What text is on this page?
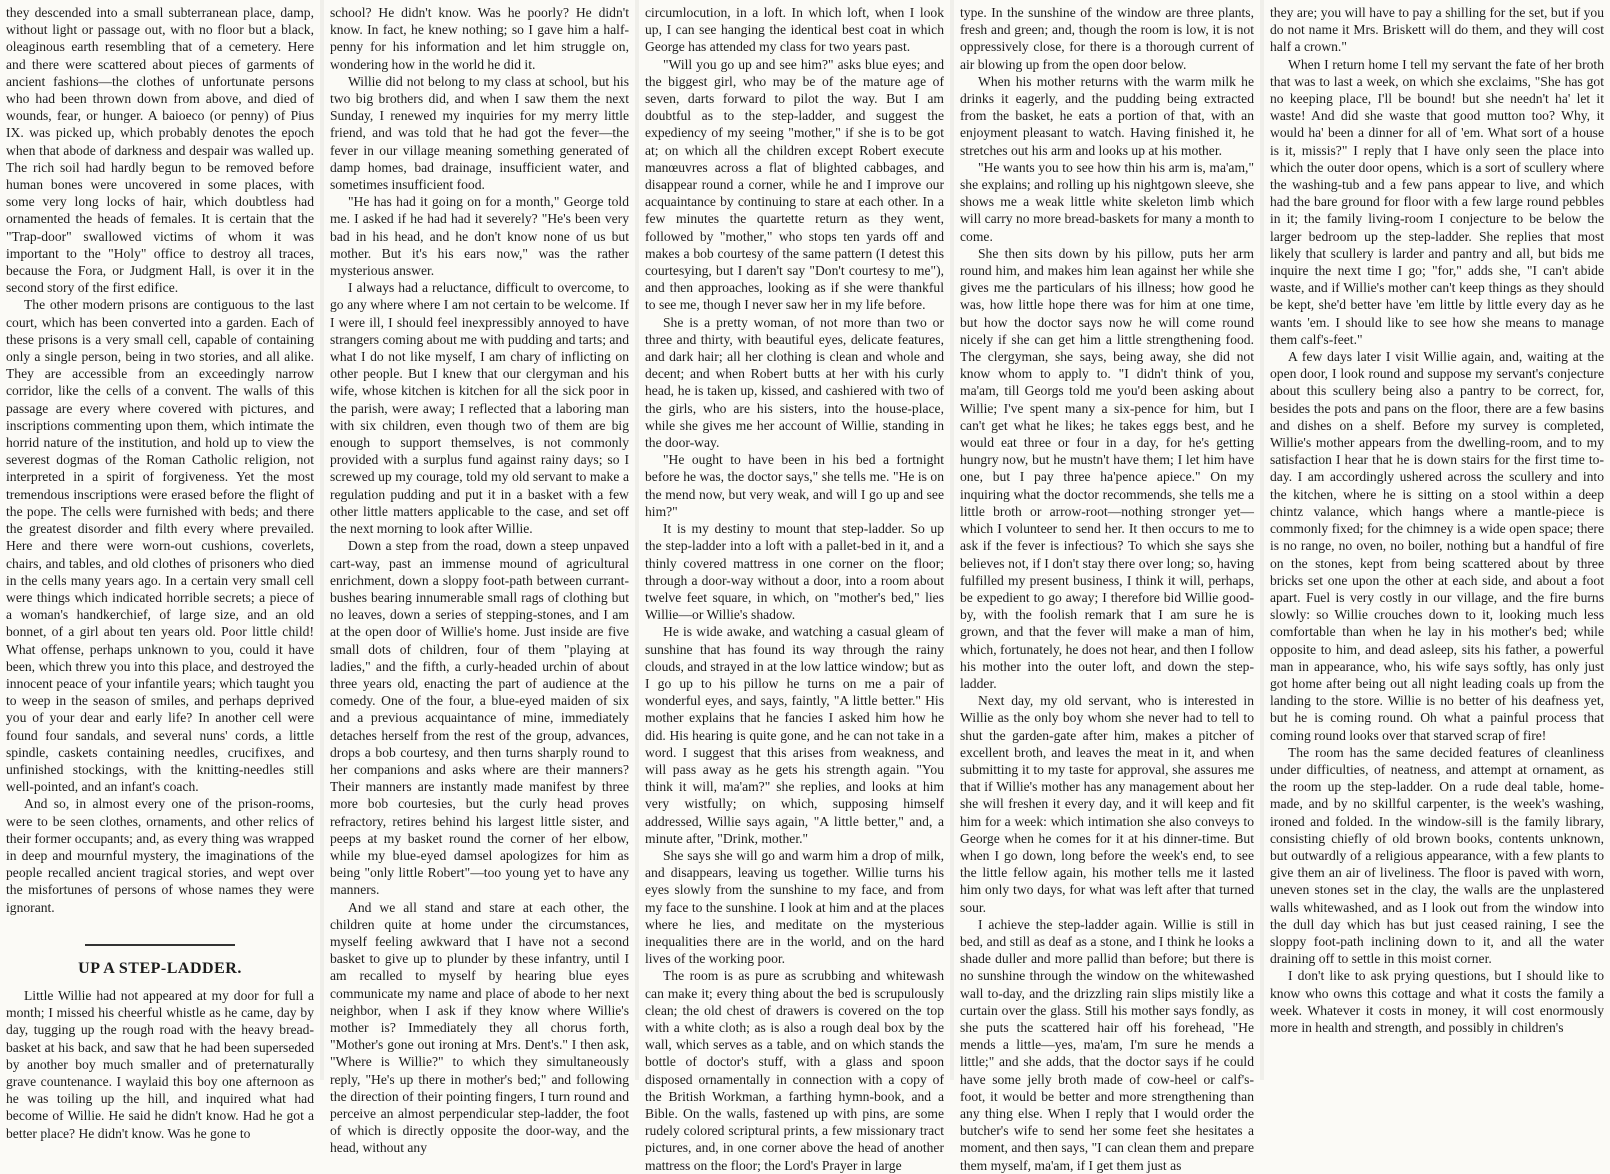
they descended into a small subterranean place, damp, without light or passage out, with no floor but a black, oleaginous earth resembling that of a cemetery. Here and there were scattered about pieces of garments of ancient fashions—the clothes of unfortunate persons who had been thrown down from above, and died of wounds, fear, or hunger. A baioeco (or penny) of Pius IX. was picked up, which probably denotes the epoch when that abode of darkness and despair was walled up. The rich soil had hardly begun to be removed before human bones were uncovered in some places, with some very long locks of hair, which doubtless had ornamented the heads of females. It is certain that the "Trap-door" swallowed victims of whom it was important to the "Holy" office to destroy all traces, because the Fora, or Judgment Hall, is over it in the second story of the first edifice.

The other modern prisons are contiguous to the last court, which has been converted into a garden. Each of these prisons is a very small cell, capable of containing only a single person, being in two stories, and all alike. They are accessible from an exceedingly narrow corridor, like the cells of a convent. The walls of this passage are every where covered with pictures, and inscriptions commenting upon them, which intimate the horrid nature of the institution, and hold up to view the severest dogmas of the Roman Catholic religion, not interpreted in a spirit of forgiveness. Yet the most tremendous inscriptions were erased before the flight of the pope. The cells were furnished with beds; and there the greatest disorder and filth every where prevailed. Here and there were worn-out cushions, coverlets, chairs, and tables, and old clothes of prisoners who died in the cells many years ago. In a certain very small cell were things which indicated horrible secrets; a piece of a woman's handkerchief, of large size, and an old bonnet, of a girl about ten years old. Poor little child! What offense, perhaps unknown to you, could it have been, which threw you into this place, and destroyed the innocent peace of your infantile years; which taught you to weep in the season of smiles, and perhaps deprived you of your dear and early life? In another cell were found four sandals, and several nuns' cords, a little spindle, caskets containing needles, crucifixes, and unfinished stockings, with the knitting-needles still well-pointed, and an infant's coach.

And so, in almost every one of the prison-rooms, were to be seen clothes, ornaments, and other relics of their former occupants; and, as every thing was wrapped in deep and mournful mystery, the imaginations of the people recalled ancient tragical stories, and wept over the misfortunes of persons of whose names they were ignorant.

UP A STEP-LADDER.

Little Willie had not appeared at my door for full a month; I missed his cheerful whistle as he came, day by day, tugging up the rough road with the heavy bread-basket at his back, and saw that he had been superseded by another boy much smaller and of preternaturally grave countenance. I waylaid this boy one afternoon as he was toiling up the hill, and inquired what had become of Willie. He said he didn't know. Had he got a better place? He didn't know. Was he gone to

school? He didn't know. Was he poorly? He didn't know. In fact, he knew nothing; so I gave him a half-penny for his information and let him struggle on, wondering how in the world he did it.

Willie did not belong to my class at school, but his two big brothers did, and when I saw them the next Sunday, I renewed my inquiries for my merry little friend, and was told that he had got the fever—the fever in our village meaning something generated of damp homes, bad drainage, insufficient water, and sometimes insufficient food.

"He has had it going on for a month," George told me. I asked if he had had it severely? "He's been very bad in his head, and he don't know none of us but mother. But it's his ears now," was the rather mysterious answer.

I always had a reluctance, difficult to overcome, to go any where where I am not certain to be welcome. If I were ill, I should feel inexpressibly annoyed to have strangers coming about me with pudding and tarts; and what I do not like myself, I am chary of inflicting on other people. But I knew that our clergyman and his wife, whose kitchen is kitchen for all the sick poor in the parish, were away; I reflected that a laboring man with six children, even though two of them are big enough to support themselves, is not commonly provided with a surplus fund against rainy days; so I screwed up my courage, told my old servant to make a regulation pudding and put it in a basket with a few other little matters applicable to the case, and set off the next morning to look after Willie.

Down a step from the road, down a steep unpaved cart-way, past an immense mound of agricultural enrichment, down a sloppy foot-path between currant-bushes bearing innumerable small rags of clothing but no leaves, down a series of stepping-stones, and I am at the open door of Willie's home. Just inside are five small dots of children, four of them "playing at ladies," and the fifth, a curly-headed urchin of about three years old, enacting the part of audience at the comedy. One of the four, a blue-eyed maiden of six and a previous acquaintance of mine, immediately detaches herself from the rest of the group, advances, drops a bob courtesy, and then turns sharply round to her companions and asks where are their manners? Their manners are instantly made manifest by three more bob courtesies, but the curly head proves refractory, retires behind his largest little sister, and peeps at my basket round the corner of her elbow, while my blue-eyed damsel apologizes for him as being "only little Robert"—too young yet to have any manners.

And we all stand and stare at each other, the children quite at home under the circumstances, myself feeling awkward that I have not a second basket to give up to plunder by these infantry, until I am recalled to myself by hearing blue eyes communicate my name and place of abode to her next neighbor, when I ask if they know where Willie's mother is? Immediately they all chorus forth, "Mother's gone out ironing at Mrs. Dent's." I then ask, "Where is Willie?" to which they simultaneously reply, "He's up there in mother's bed;" and following the direction of their pointing fingers, I turn round and perceive an almost perpendicular step-ladder, the foot of which is directly opposite the door-way, and the head, without any

circumlocution, in a loft. In which loft, when I look up, I can see hanging the identical best coat in which George has attended my class for two years past.

"Will you go up and see him?" asks blue eyes; and the biggest girl, who may be of the mature age of seven, darts forward to pilot the way. But I am doubtful as to the step-ladder, and suggest the expediency of my seeing "mother," if she is to be got at; on which all the children except Robert execute manœuvres across a flat of blighted cabbages, and disappear round a corner, while he and I improve our acquaintance by continuing to stare at each other. In a few minutes the quartette return as they went, followed by "mother," who stops ten yards off and makes a bob courtesy of the same pattern (I detest this courtesying, but I daren't say "Don't courtesy to me"), and then approaches, looking as if she were thankful to see me, though I never saw her in my life before.

She is a pretty woman, of not more than two or three and thirty, with beautiful eyes, delicate features, and dark hair; all her clothing is clean and whole and decent; and when Robert butts at her with his curly head, he is taken up, kissed, and cashiered with two of the girls, who are his sisters, into the house-place, while she gives me her account of Willie, standing in the door-way.

"He ought to have been in his bed a fortnight before he was, the doctor says," she tells me. "He is on the mend now, but very weak, and will I go up and see him?"

It is my destiny to mount that step-ladder. So up the step-ladder into a loft with a pallet-bed in it, and a thinly covered mattress in one corner on the floor; through a door-way without a door, into a room about twelve feet square, in which, on "mother's bed," lies Willie—or Willie's shadow.

He is wide awake, and watching a casual gleam of sunshine that has found its way through the rainy clouds, and strayed in at the low lattice window; but as I go up to his pillow he turns on me a pair of wonderful eyes, and says, faintly, "A little better." His mother explains that he fancies I asked him how he did. His hearing is quite gone, and he can not take in a word. I suggest that this arises from weakness, and will pass away as he gets his strength again. "You think it will, ma'am?" she replies, and looks at him very wistfully; on which, supposing himself addressed, Willie says again, "A little better," and, a minute after, "Drink, mother."

She says she will go and warm him a drop of milk, and disappears, leaving us together. Willie turns his eyes slowly from the sunshine to my face, and from my face to the sunshine. I look at him and at the places where he lies, and meditate on the mysterious inequalities there are in the world, and on the hard lives of the working poor.

The room is as pure as scrubbing and whitewash can make it; every thing about the bed is scrupulously clean; the old chest of drawers is covered on the top with a white cloth; as is also a rough deal box by the wall, which serves as a table, and on which stands the bottle of doctor's stuff, with a glass and spoon disposed ornamentally in connection with a copy of the British Workman, a farthing hymn-book, and a Bible. On the walls, fastened up with pins, are some rudely colored scriptural prints, a few missionary tract pictures, and, in one corner above the head of another mattress on the floor; the Lord's Prayer in large

type. In the sunshine of the window are three plants, fresh and green; and, though the room is low, it is not oppressively close, for there is a thorough current of air blowing up from the open door below.

When his mother returns with the warm milk he drinks it eagerly, and the pudding being extracted from the basket, he eats a portion of that, with an enjoyment pleasant to watch. Having finished it, he stretches out his arm and looks up at his mother.

"He wants you to see how thin his arm is, ma'am," she explains; and rolling up his nightgown sleeve, she shows me a weak little white skeleton limb which will carry no more bread-baskets for many a month to come.

She then sits down by his pillow, puts her arm round him, and makes him lean against her while she gives me the particulars of his illness; how good he was, how little hope there was for him at one time, but how the doctor says now he will come round nicely if she can get him a little strengthening food. The clergyman, she says, being away, she did not know whom to apply to. "I didn't think of you, ma'am, till Georgs told me you'd been asking about Willie; I've spent many a six-pence for him, but I can't get what he likes; he takes eggs best, and he would eat three or four in a day, for he's getting hungry now, but he mustn't have them; I let him have one, but I pay three ha'pence apiece." On my inquiring what the doctor recommends, she tells me a little broth or arrow-root—nothing stronger yet—which I volunteer to send her. It then occurs to me to ask if the fever is infectious? To which she says she believes not, if I don't stay there over long; so, having fulfilled my present business, I think it will, perhaps, be expedient to go away; I therefore bid Willie good-by, with the foolish remark that I am sure he is grown, and that the fever will make a man of him, which, fortunately, he does not hear, and then I follow his mother into the outer loft, and down the step-ladder.

Next day, my old servant, who is interested in Willie as the only boy whom she never had to tell to shut the garden-gate after him, makes a pitcher of excellent broth, and leaves the meat in it, and when submitting it to my taste for approval, she assures me that if Willie's mother has any management about her she will freshen it every day, and it will keep and fit him for a week: which intimation she also conveys to George when he comes for it at his dinner-time. But when I go down, long before the week's end, to see the little fellow again, his mother tells me it lasted him only two days, for what was left after that turned sour.

I achieve the step-ladder again. Willie is still in bed, and still as deaf as a stone, and I think he looks a shade duller and more pallid than before; but there is no sunshine through the window on the whitewashed wall to-day, and the drizzling rain slips mistily like a curtain over the glass. Still his mother says fondly, as she puts the scattered hair off his forehead, "He mends a little—yes, ma'am, I'm sure he mends a little;" and she adds, that the doctor says if he could have some jelly broth made of cow-heel or calf's-foot, it would be better and more strengthening than any thing else. When I reply that I would order the butcher's wife to send her some feet she hesitates a moment, and then says, "I can clean them and prepare them myself, ma'am, if I get them just as

they are; you will have to pay a shilling for the set, but if you do not name it Mrs. Briskett will do them, and they will cost half a crown."

When I return home I tell my servant the fate of her broth that was to last a week, on which she exclaims, "She has got no keeping place, I'll be bound! but she needn't ha' let it waste! And did she waste that good mutton too? Why, it would ha' been a dinner for all of 'em. What sort of a house is it, missis?" I reply that I have only seen the place into which the outer door opens, which is a sort of scullery where the washing-tub and a few pans appear to live, and which had the bare ground for floor with a few large round pebbles in it; the family living-room I conjecture to be below the larger bedroom up the step-ladder. She replies that most likely that scullery is larder and pantry and all, but bids me inquire the next time I go; "for," adds she, "I can't abide waste, and if Willie's mother can't keep things as they should be kept, she'd better have 'em little by little every day as he wants 'em. I should like to see how she means to manage them calf's-feet."

A few days later I visit Willie again, and, waiting at the open door, I look round and suppose my servant's conjecture about this scullery being also a pantry to be correct, for, besides the pots and pans on the floor, there are a few basins and dishes on a shelf. Before my survey is completed, Willie's mother appears from the dwelling-room, and to my satisfaction I hear that he is down stairs for the first time to-day. I am accordingly ushered across the scullery and into the kitchen, where he is sitting on a stool within a deep chintz valance, which hangs where a mantle-piece is commonly fixed; for the chimney is a wide open space; there is no range, no oven, no boiler, nothing but a handful of fire on the stones, kept from being scattered about by three bricks set one upon the other at each side, and about a foot apart. Fuel is very costly in our village, and the fire burns slowly: so Willie crouches down to it, looking much less comfortable than when he lay in his mother's bed; while opposite to him, and dead asleep, sits his father, a powerful man in appearance, who, his wife says softly, has only just got home after being out all night leading coals up from the landing to the store. Willie is no better of his deafness yet, but he is coming round. Oh what a painful process that coming round looks over that starved scrap of fire!

The room has the same decided features of cleanliness under difficulties, of neatness, and attempt at ornament, as the room up the step-ladder. On a rude deal table, home-made, and by no skillful carpenter, is the week's washing, ironed and folded. In the window-sill is the family library, consisting chiefly of old brown books, contents unknown, but outwardly of a religious appearance, with a few plants to give them an air of liveliness. The floor is paved with worn, uneven stones set in the clay, the walls are the unplastered walls whitewashed, and as I look out from the window into the dull day which has but just ceased raining, I see the sloppy foot-path inclining down to it, and all the water draining off to settle in this moist corner.

I don't like to ask prying questions, but I should like to know who owns this cottage and what it costs the family a week. Whatever it costs in money, it will cost enormously more in health and strength, and possibly in children's
